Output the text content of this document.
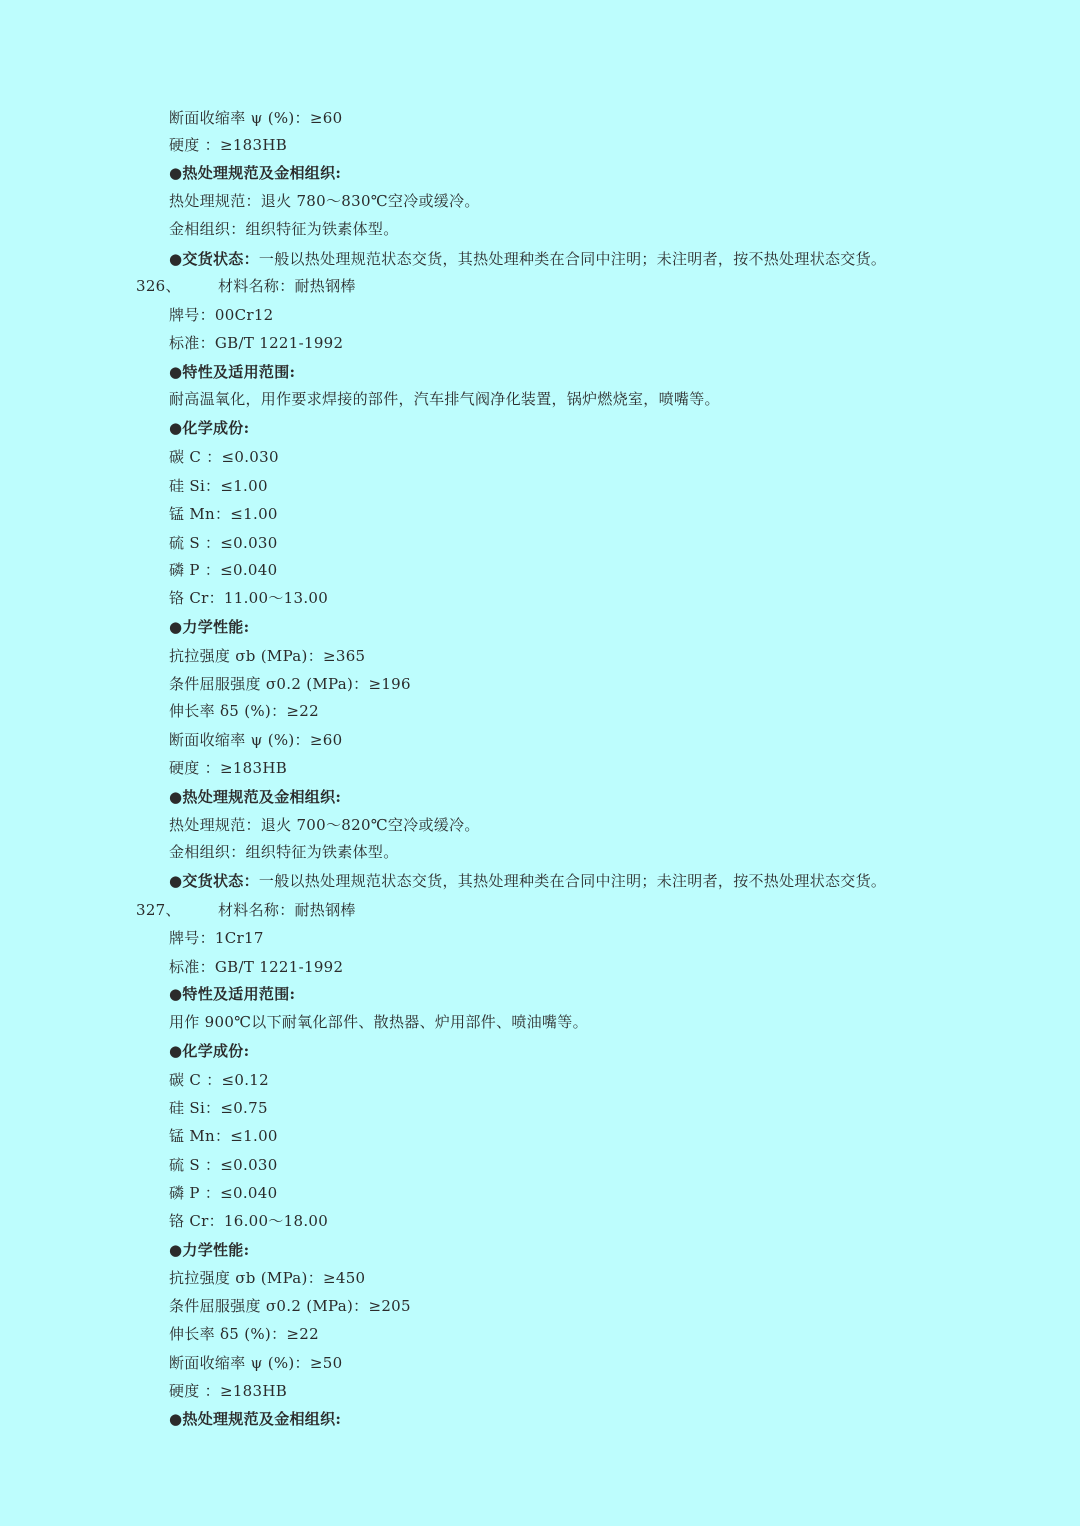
断面收缩率 ψ (%)：≥60
硬度 ：≥183HB
●热处理规范及金相组织:
热处理规范：退火 780～830℃空冷或缓冷。
金相组织：组织特征为铁素体型。
●交货状态：一般以热处理规范状态交货，其热处理种类在合同中注明；未注明者，按不热处理状态交货。
326、 材料名称：耐热钢棒
牌号：00Cr12
标准：GB/T 1221-1992
●特性及适用范围:
耐高温氧化，用作要求焊接的部件，汽车排气阀净化装置，锅炉燃烧室，喷嘴等。
●化学成份:
碳 C ：≤0.030
硅 Si：≤1.00
锰 Mn：≤1.00
硫 S ：≤0.030
磷 P ：≤0.040
铬 Cr：11.00～13.00
●力学性能:
抗拉强度 σb (MPa)：≥365
条件屈服强度 σ0.2 (MPa)：≥196
伸长率 δ5 (%)：≥22
断面收缩率 ψ (%)：≥60
硬度 ：≥183HB
●热处理规范及金相组织:
热处理规范：退火 700～820℃空冷或缓冷。
金相组织：组织特征为铁素体型。
●交货状态：一般以热处理规范状态交货，其热处理种类在合同中注明；未注明者，按不热处理状态交货。
327、 材料名称：耐热钢棒
牌号：1Cr17
标准：GB/T 1221-1992
●特性及适用范围:
用作 900℃以下耐氧化部件、散热器、炉用部件、喷油嘴等。
●化学成份:
碳 C ：≤0.12
硅 Si：≤0.75
锰 Mn：≤1.00
硫 S ：≤0.030
磷 P ：≤0.040
铬 Cr：16.00～18.00
●力学性能:
抗拉强度 σb (MPa)：≥450
条件屈服强度 σ0.2 (MPa)：≥205
伸长率 δ5 (%)：≥22
断面收缩率 ψ (%)：≥50
硬度 ：≥183HB
●热处理规范及金相组织:
